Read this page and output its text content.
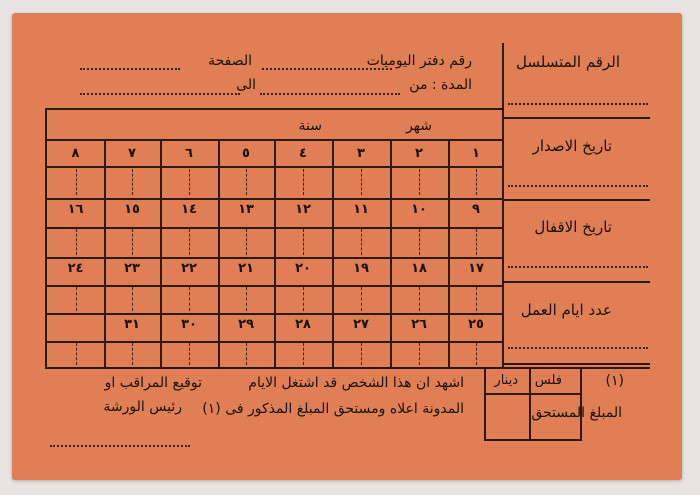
الرقم المتسلسل
تاريخ الاصدار
تاريخ الاقفال
عدد ايام العمل
(١)
المبلغ المستحق
رقم دفتر اليوميات
الصفحة
المدة : من
الى
شهر
سنة
١
٢
٣
٤
٥
٦
٧
٨
٩
١٠
١١
١٢
١٣
١٤
١٥
١٦
١٧
١٨
١٩
٢٠
٢١
٢٢
٢٣
٢٤
٢٥
٢٦
٢٧
٢٨
٢٩
٣٠
٣١
فلس
دينار
اشهد ان هذا الشخص قد اشتغل الايام
المدونة اعلاه ومستحق المبلغ المذكور فى (١)
توقيع المراقب او
رئيس الورشة
